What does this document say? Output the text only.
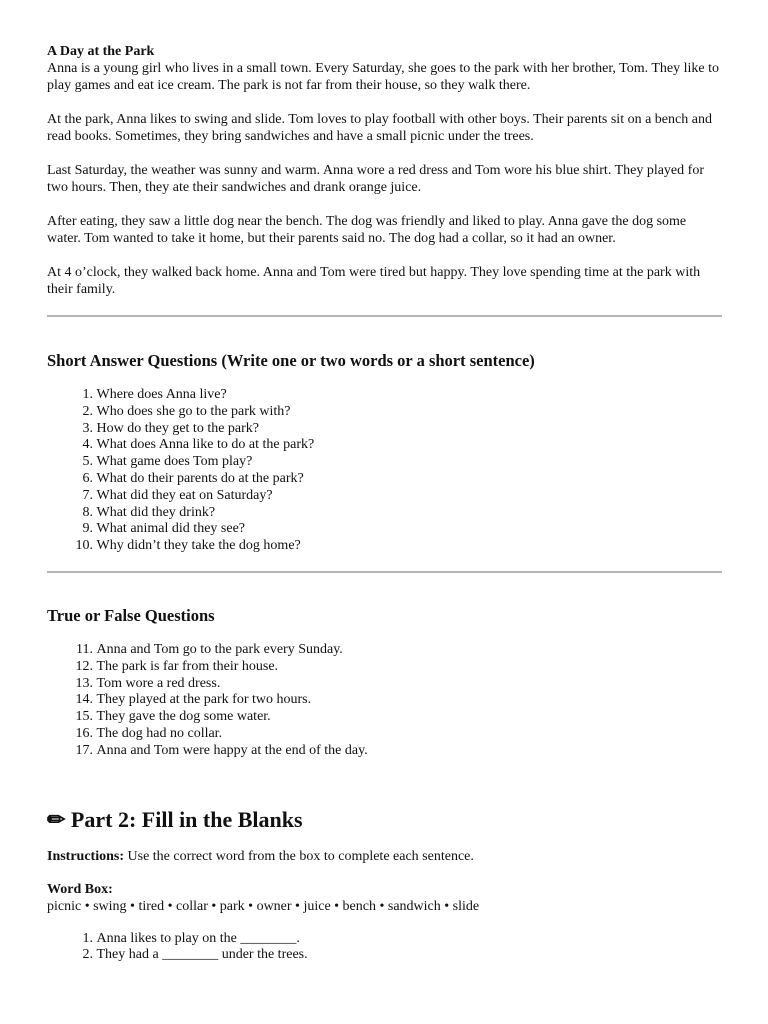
A Day at the Park

Anna is a young girl who lives in a small town. Every Saturday, she goes to the park with her brother, Tom. They like to play games and eat ice cream. The park is not far from their house, so they walk there.

At the park, Anna likes to swing and slide. Tom loves to play football with other boys. Their parents sit on a bench and read books. Sometimes, they bring sandwiches and have a small picnic under the trees.

Last Saturday, the weather was sunny and warm. Anna wore a red dress and Tom wore his blue shirt. They played for two hours. Then, they ate their sandwiches and drank orange juice.

After eating, they saw a little dog near the bench. The dog was friendly and liked to play. Anna gave the dog some water. Tom wanted to take it home, but their parents said no. The dog had a collar, so it had an owner.

At 4 o’clock, they walked back home. Anna and Tom were tired but happy. They love spending time at the park with their family.

Short Answer Questions (Write one or two words or a short sentence)
1.
Where does Anna live?
2.
Who does she go to the park with?
3.
How do they get to the park?
4.
What does Anna like to do at the park?
5.
What game does Tom play?
6.
What do their parents do at the park?
7.
What did they eat on Saturday?
8.
What did they drink?
9.
What animal did they see?
10.
Why didn’t they take the dog home?
True or False Questions
11.
Anna and Tom go to the park every Sunday.
12.
The park is far from their house.
13.
Tom wore a red dress.
14.
They played at the park for two hours.
15.
They gave the dog some water.
16.
The dog had no collar.
17.
Anna and Tom were happy at the end of the day.
✏ Part 2: Fill in the Blanks

Instructions: Use the correct word from the box to complete each sentence.

Word Box:

picnic • swing • tired • collar • park • owner • juice • bench • sandwich • slide

1.
Anna likes to play on the ________.
2.
They had a ________ under the trees.
